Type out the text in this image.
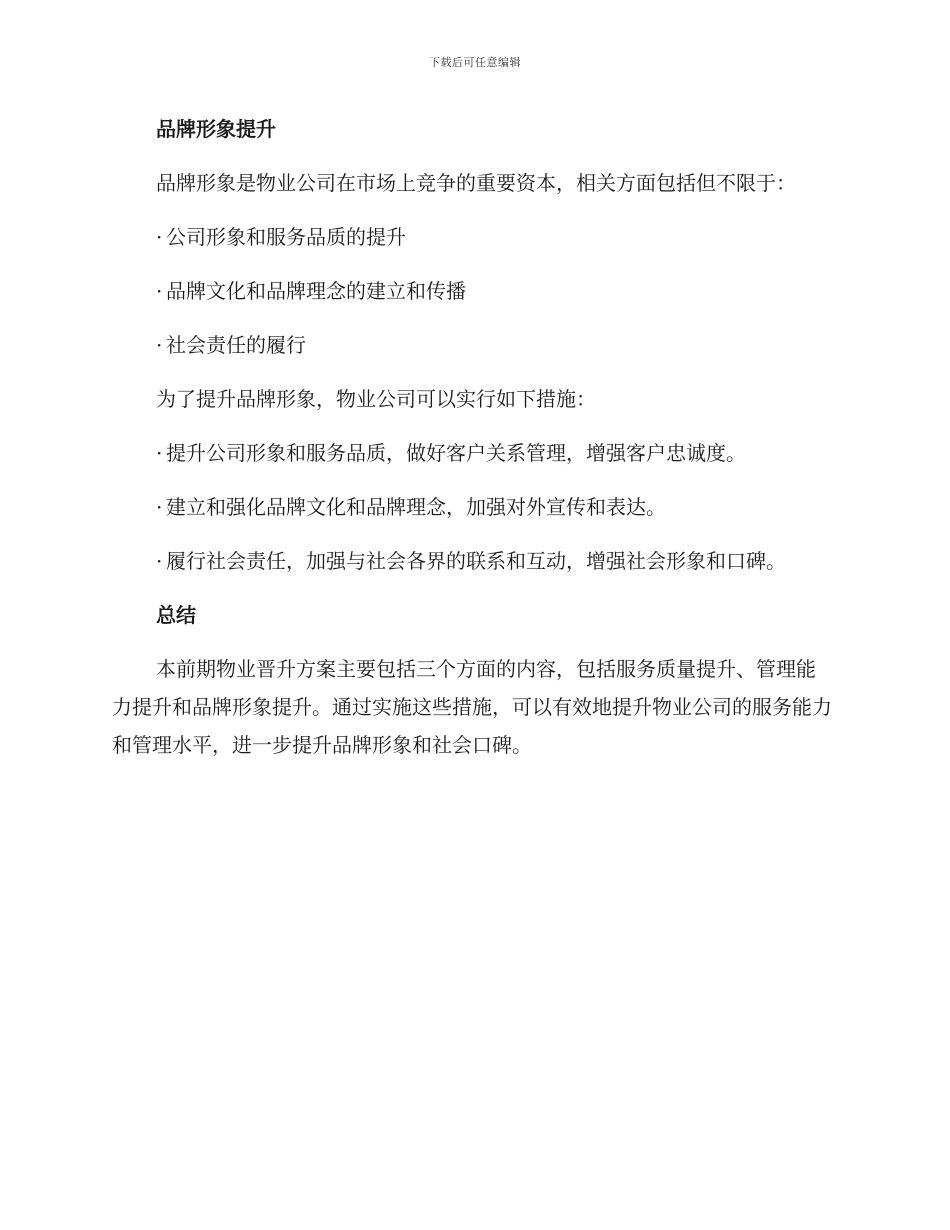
下载后可任意编辑
品牌形象提升
品牌形象是物业公司在市场上竞争的重要资本，相关方面包括但不限于：
· 公司形象和服务品质的提升
· 品牌文化和品牌理念的建立和传播
· 社会责任的履行
为了提升品牌形象，物业公司可以实行如下措施：
· 提升公司形象和服务品质，做好客户关系管理，增强客户忠诚度。
· 建立和强化品牌文化和品牌理念，加强对外宣传和表达。
· 履行社会责任，加强与社会各界的联系和互动，增强社会形象和口碑。
总结
本前期物业晋升方案主要包括三个方面的内容，包括服务质量提升、管理能力提升和品牌形象提升。通过实施这些措施，可以有效地提升物业公司的服务能力和管理水平，进一步提升品牌形象和社会口碑。
